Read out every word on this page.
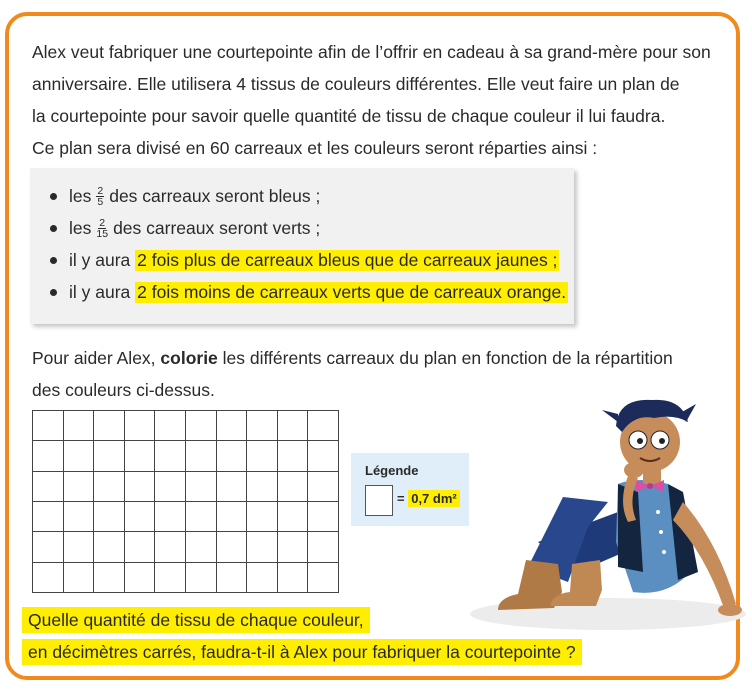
Alex veut fabriquer une courtepointe afin de l’offrir en cadeau à sa grand-mère pour son
anniversaire. Elle utilisera 4 tissus de couleurs différentes. Elle veut faire un plan de
la courtepointe pour savoir quelle quantité de tissu de chaque couleur il lui faudra.
Ce plan sera divisé en 60 carreaux et les couleurs seront réparties ainsi :
les $\frac{2}{5}$ des carreaux seront bleus ;
les $\frac{2}{15}$ des carreaux seront verts ;
il y aura
2 fois plus de carreaux bleus que de carreaux jaunes ;
il y aura
2 fois moins de carreaux verts que de carreaux orange.
Pour aider Alex, colorie les différents carreaux du plan en fonction de la répartition
des couleurs ci-dessus.
Légende
= 0,7 dm²
Quelle quantité de tissu de chaque couleur,
en décimètres carrés, faudra-t-il à Alex pour fabriquer la courtepointe ?
